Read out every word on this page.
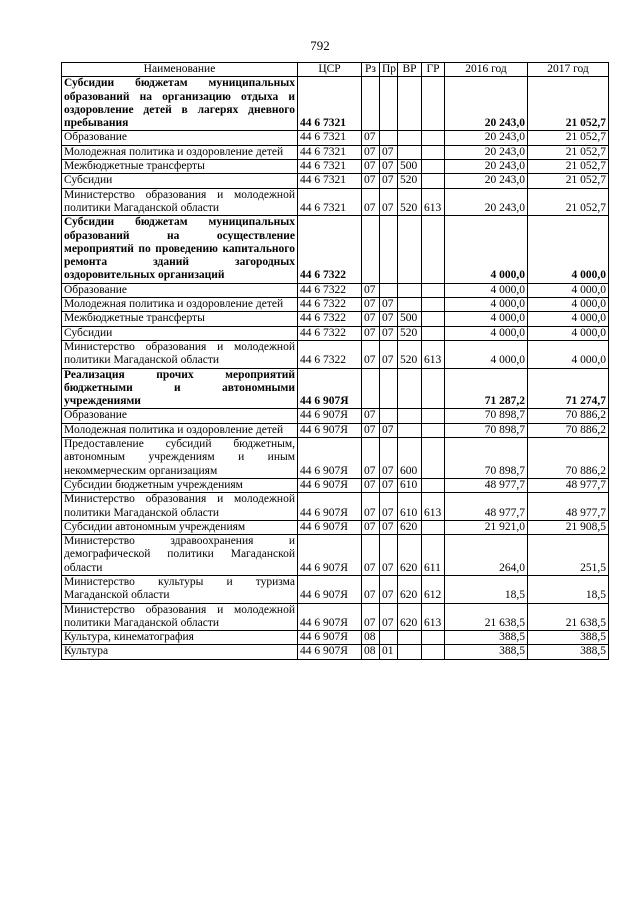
792
Наименование	ЦСР	Рз	Пр	ВР	ГР	2016 год	2017 год
Субсидии бюджетам муниципальных образований на организацию отдыха и оздоровление детей в лагерях дневного пребывания	44 6 7321					20 243,0	21 052,7
Образование	44 6 7321	07				20 243,0	21 052,7
Молодежная политика и оздоровление детей	44 6 7321	07	07			20 243,0	21 052,7
Межбюджетные трансферты	44 6 7321	07	07	500		20 243,0	21 052,7
Субсидии	44 6 7321	07	07	520		20 243,0	21 052,7
Министерство образования и молодежной политики Магаданской области	44 6 7321	07	07	520	613	20 243,0	21 052,7
Субсидии бюджетам муниципальных образований на осуществление мероприятий по проведению капитального ремонта зданий загородных оздоровительных организаций	44 6 7322					4 000,0	4 000,0
Образование	44 6 7322	07				4 000,0	4 000,0
Молодежная политика и оздоровление детей	44 6 7322	07	07			4 000,0	4 000,0
Межбюджетные трансферты	44 6 7322	07	07	500		4 000,0	4 000,0
Субсидии	44 6 7322	07	07	520		4 000,0	4 000,0
Министерство образования и молодежной политики Магаданской области	44 6 7322	07	07	520	613	4 000,0	4 000,0
Реализация прочих мероприятий бюджетными и автономными учреждениями	44 6 907Я					71 287,2	71 274,7
Образование	44 6 907Я	07				70 898,7	70 886,2
Молодежная политика и оздоровление детей	44 6 907Я	07	07			70 898,7	70 886,2
Предоставление субсидий бюджетным, автономным учреждениям и иным некоммерческим организациям	44 6 907Я	07	07	600		70 898,7	70 886,2
Субсидии бюджетным учреждениям	44 6 907Я	07	07	610		48 977,7	48 977,7
Министерство образования и молодежной политики Магаданской области	44 6 907Я	07	07	610	613	48 977,7	48 977,7
Субсидии автономным учреждениям	44 6 907Я	07	07	620		21 921,0	21 908,5
Министерство здравоохранения и демографической политики Магаданской области	44 6 907Я	07	07	620	611	264,0	251,5
Министерство культуры и туризма Магаданской области	44 6 907Я	07	07	620	612	18,5	18,5
Министерство образования и молодежной политики Магаданской области	44 6 907Я	07	07	620	613	21 638,5	21 638,5
Культура, кинематография	44 6 907Я	08				388,5	388,5
Культура	44 6 907Я	08	01			388,5	388,5
